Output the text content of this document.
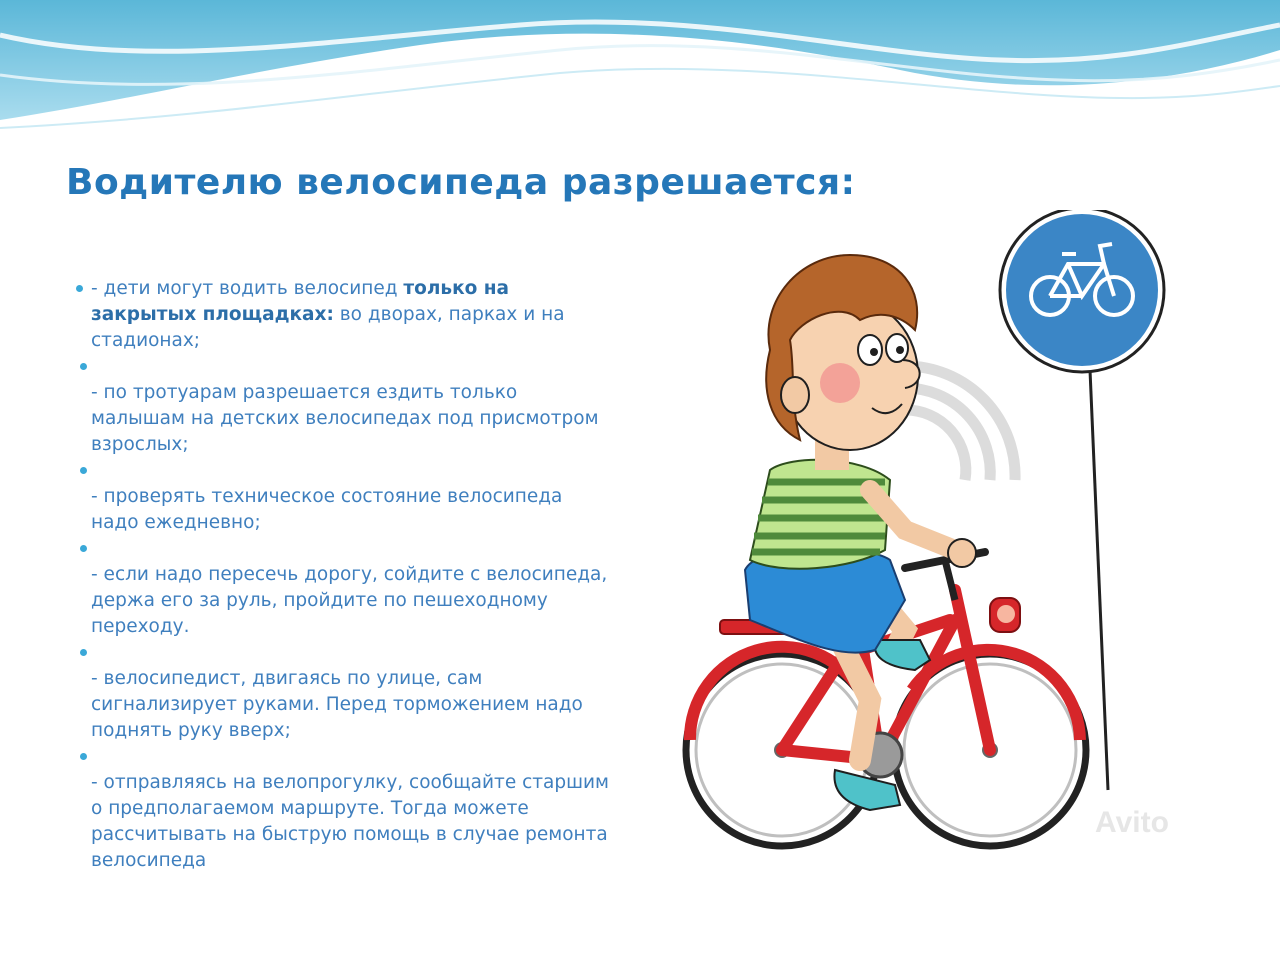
Водителю велосипеда разрешается:
- дети могут водить велосипед только на закрытых площадках: во дворах, парках и на стадионах;
- по тротуарам разрешается ездить только малышам на детских велосипедах под присмотром взрослых;
- проверять техническое состояние велосипеда надо ежедневно;
- если надо пересечь дорогу, сойдите с велосипеда, держа его за руль, пройдите по пешеходному переходу.
- велосипедист, двигаясь по улице, сам сигнализирует руками. Перед торможением надо поднять руку вверх;
- отправляясь на велопрогулку, сообщайте старшим о предполагаемом маршруте. Тогда можете рассчитывать на быструю помощь в случае ремонта велосипеда
Avito
